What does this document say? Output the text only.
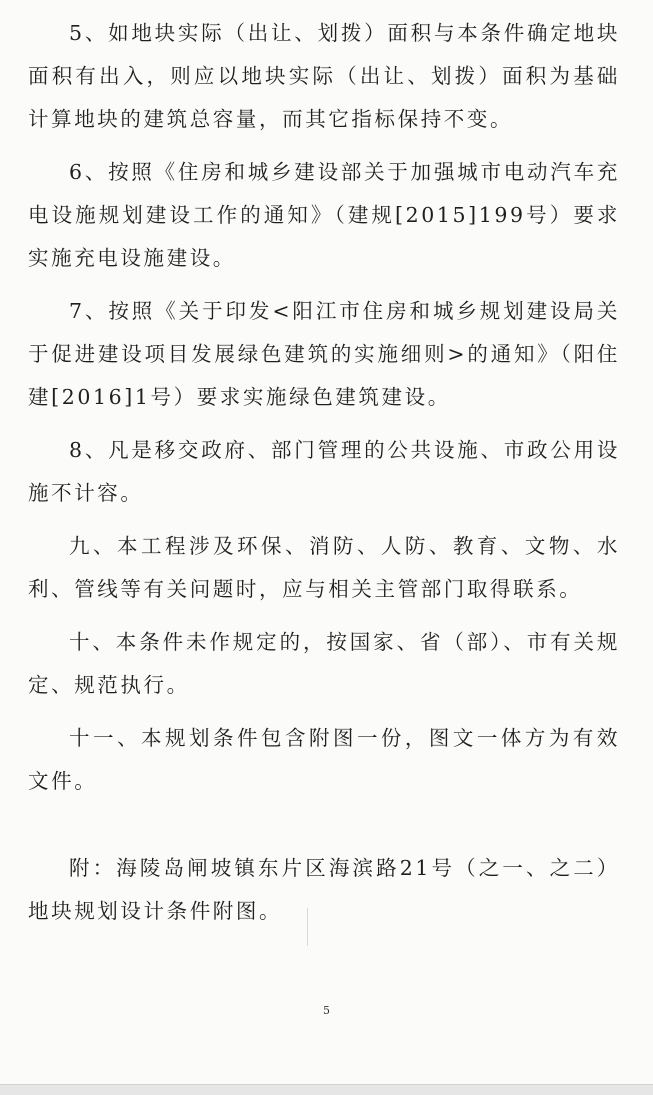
5、如地块实际（出让、划拨）面积与本条件确定地块面积有出入，则应以地块实际（出让、划拨）面积为基础计算地块的建筑总容量，而其它指标保持不变。

6、按照《住房和城乡建设部关于加强城市电动汽车充电设施规划建设工作的通知》（建规[2015]199号）要求实施充电设施建设。

7、按照《关于印发<阳江市住房和城乡规划建设局关于促进建设项目发展绿色建筑的实施细则>的通知》（阳住建[2016]1号）要求实施绿色建筑建设。

8、凡是移交政府、部门管理的公共设施、市政公用设施不计容。

九、本工程涉及环保、消防、人防、教育、文物、水利、管线等有关问题时，应与相关主管部门取得联系。

十、本条件未作规定的，按国家、省（部）、市有关规定、规范执行。

十一、本规划条件包含附图一份，图文一体方为有效文件。

附：海陵岛闸坡镇东片区海滨路21号（之一、之二）地块规划设计条件附图。

5
